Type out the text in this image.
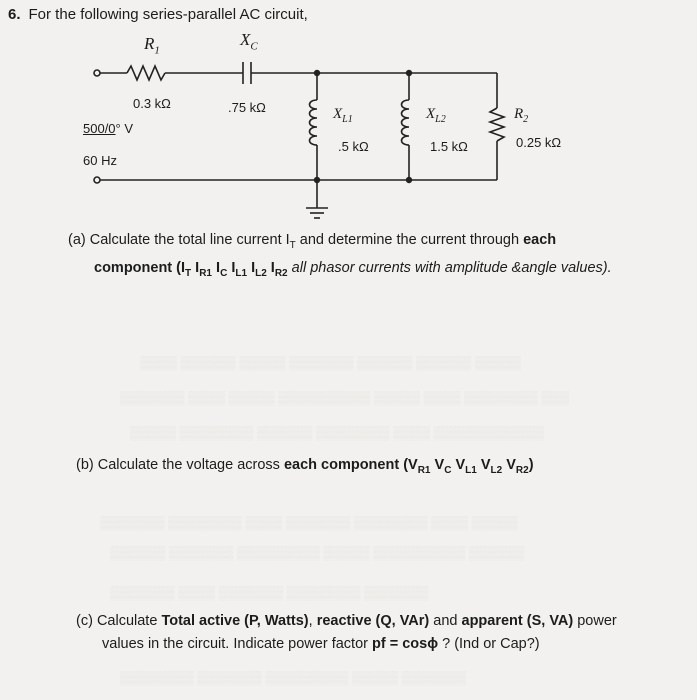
▒▒▒▒ ▒▒▒▒▒▒ ▒▒▒▒▒ ▒▒▒▒▒▒▒ ▒▒▒▒▒▒ ▒▒▒▒▒▒ ▒▒▒▒▒
▒▒▒▒▒▒▒ ▒▒▒▒ ▒▒▒▒▒ ▒▒▒▒▒▒▒▒▒▒ ▒▒▒▒▒ ▒▒▒▒ ▒▒▒▒▒▒▒▒ ▒▒▒
▒▒▒▒▒ ▒▒▒▒▒▒▒▒ ▒▒▒▒▒▒ ▒▒▒▒▒▒▒▒ ▒▒▒▒ ▒▒▒▒▒▒▒▒▒▒▒▒
▒▒▒▒▒▒▒ ▒▒▒▒▒▒▒▒ ▒▒▒▒ ▒▒▒▒▒▒▒ ▒▒▒▒▒▒▒▒ ▒▒▒▒ ▒▒▒▒▒
▒▒▒▒▒▒ ▒▒▒▒▒▒▒ ▒▒▒▒▒▒▒▒▒ ▒▒▒▒▒ ▒▒▒▒▒▒▒▒▒▒ ▒▒▒▒▒▒
▒▒▒▒▒▒▒ ▒▒▒▒ ▒▒▒▒▒▒▒ ▒▒▒▒▒▒▒▒ ▒▒▒▒▒▒▒
▒▒▒▒▒▒▒▒ ▒▒▒▒▒▒▒ ▒▒▒▒▒▒▒▒▒ ▒▒▒▒▒ ▒▒▒▒▒▒▒
6. For the following series-parallel AC circuit,
$R_1$
$X_C$
0.3 kΩ	.75 kΩ
500/0° V
60 Hz
$X_{L1}$
.5 kΩ
$X_{L2}$
1.5 kΩ
$R_2$
0.25 kΩ
(a) Calculate the total line current $I_T$ and determine the current through each
component ($I_T$ $I_{R1}$ $I_C$ $I_{L1}$ $I_{L2}$ $I_{R2}$ all phasor currents with amplitude &angle values).
(b) Calculate the voltage across each component ($V_{R1}$ $V_C$ $V_{L1}$ $V_{L2}$ $V_{R2}$)
(c) Calculate Total active (P, Watts), reactive (Q, VAr) and apparent (S, VA) power
values in the circuit. Indicate power factor pf = cosϕ ? (Ind or Cap?)
